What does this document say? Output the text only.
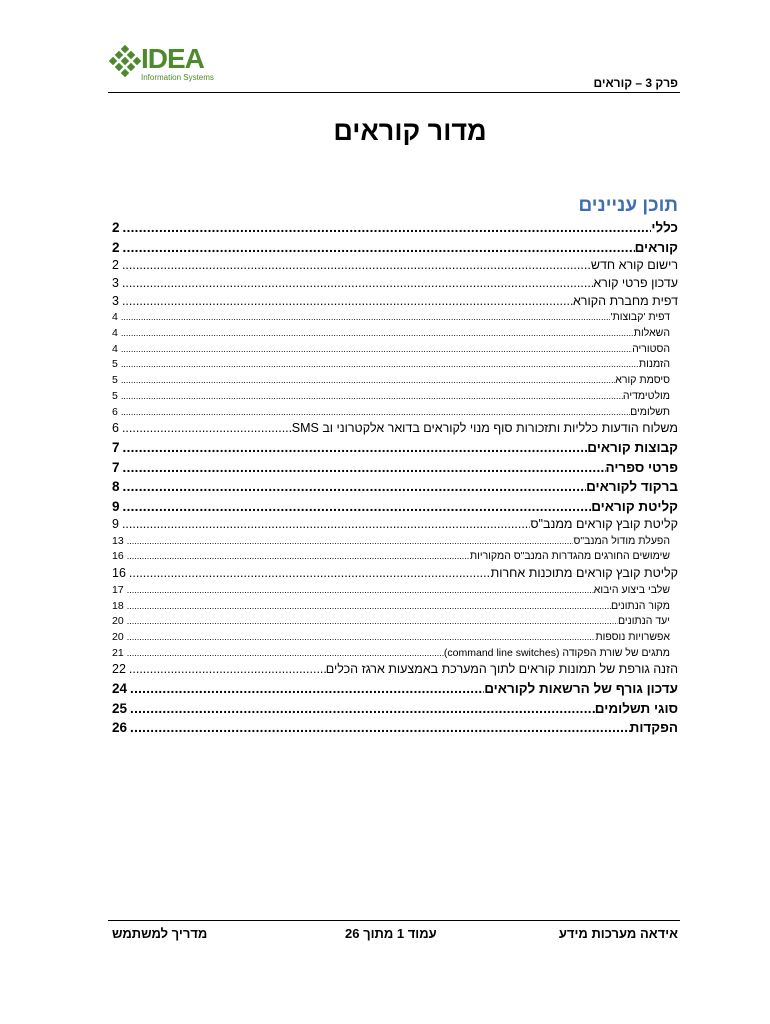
IDEA
Information Systems	פרק 3 – קוראים
מדור קוראים
תוכן עניינים
כללי
.....
2
קוראים
.....
2
רישום קורא חדש
.....
2
עדכון פרטי קורא
.....
3
דפית מחברת הקורא
.....
3
דפית 'קבוצות'
.....
4
השאלות
.....
4
הסטוריה
.....
4
הזמנות
.....
5
סיסמת קורא
.....
5
מולטימדיה
.....
5
תשלומים
.....
6
משלוח הודעות כלליות ותזכורות סוף מנוי לקוראים בדואר אלקטרוני וב SMS
.....
6
קבוצות קוראים
.....
7
פרטי ספריה
.....
7
ברקוד לקוראים
.....
8
קליטת קוראים
.....
9
קליטת קובץ קוראים ממנב"ס
.....
9
הפעלת מודול המנב"ס
.....
13
שימושים החורגים מהגדרות המנב"ס המקוריות
.....
16
קליטת קובץ קוראים מתוכנות אחרות
.....
16
שלבי ביצוע היבוא
.....
17
מקור הנתונים
.....
18
יעד הנתונים
.....
20
אפשרויות נוספות
.....
20
מתגים של שורת הפקודה (command line switches)
.....
21
הזנה גורפת של תמונות קוראים לתוך המערכת באמצעות ארגז הכלים
.....
22
עדכון גורף של הרשאות לקוראים
.....
24
סוגי תשלומים
.....
25
הפקדות
.....
26
אידאה מערכות מידע
עמוד 1 מתוך 26
מדריך למשתמש
